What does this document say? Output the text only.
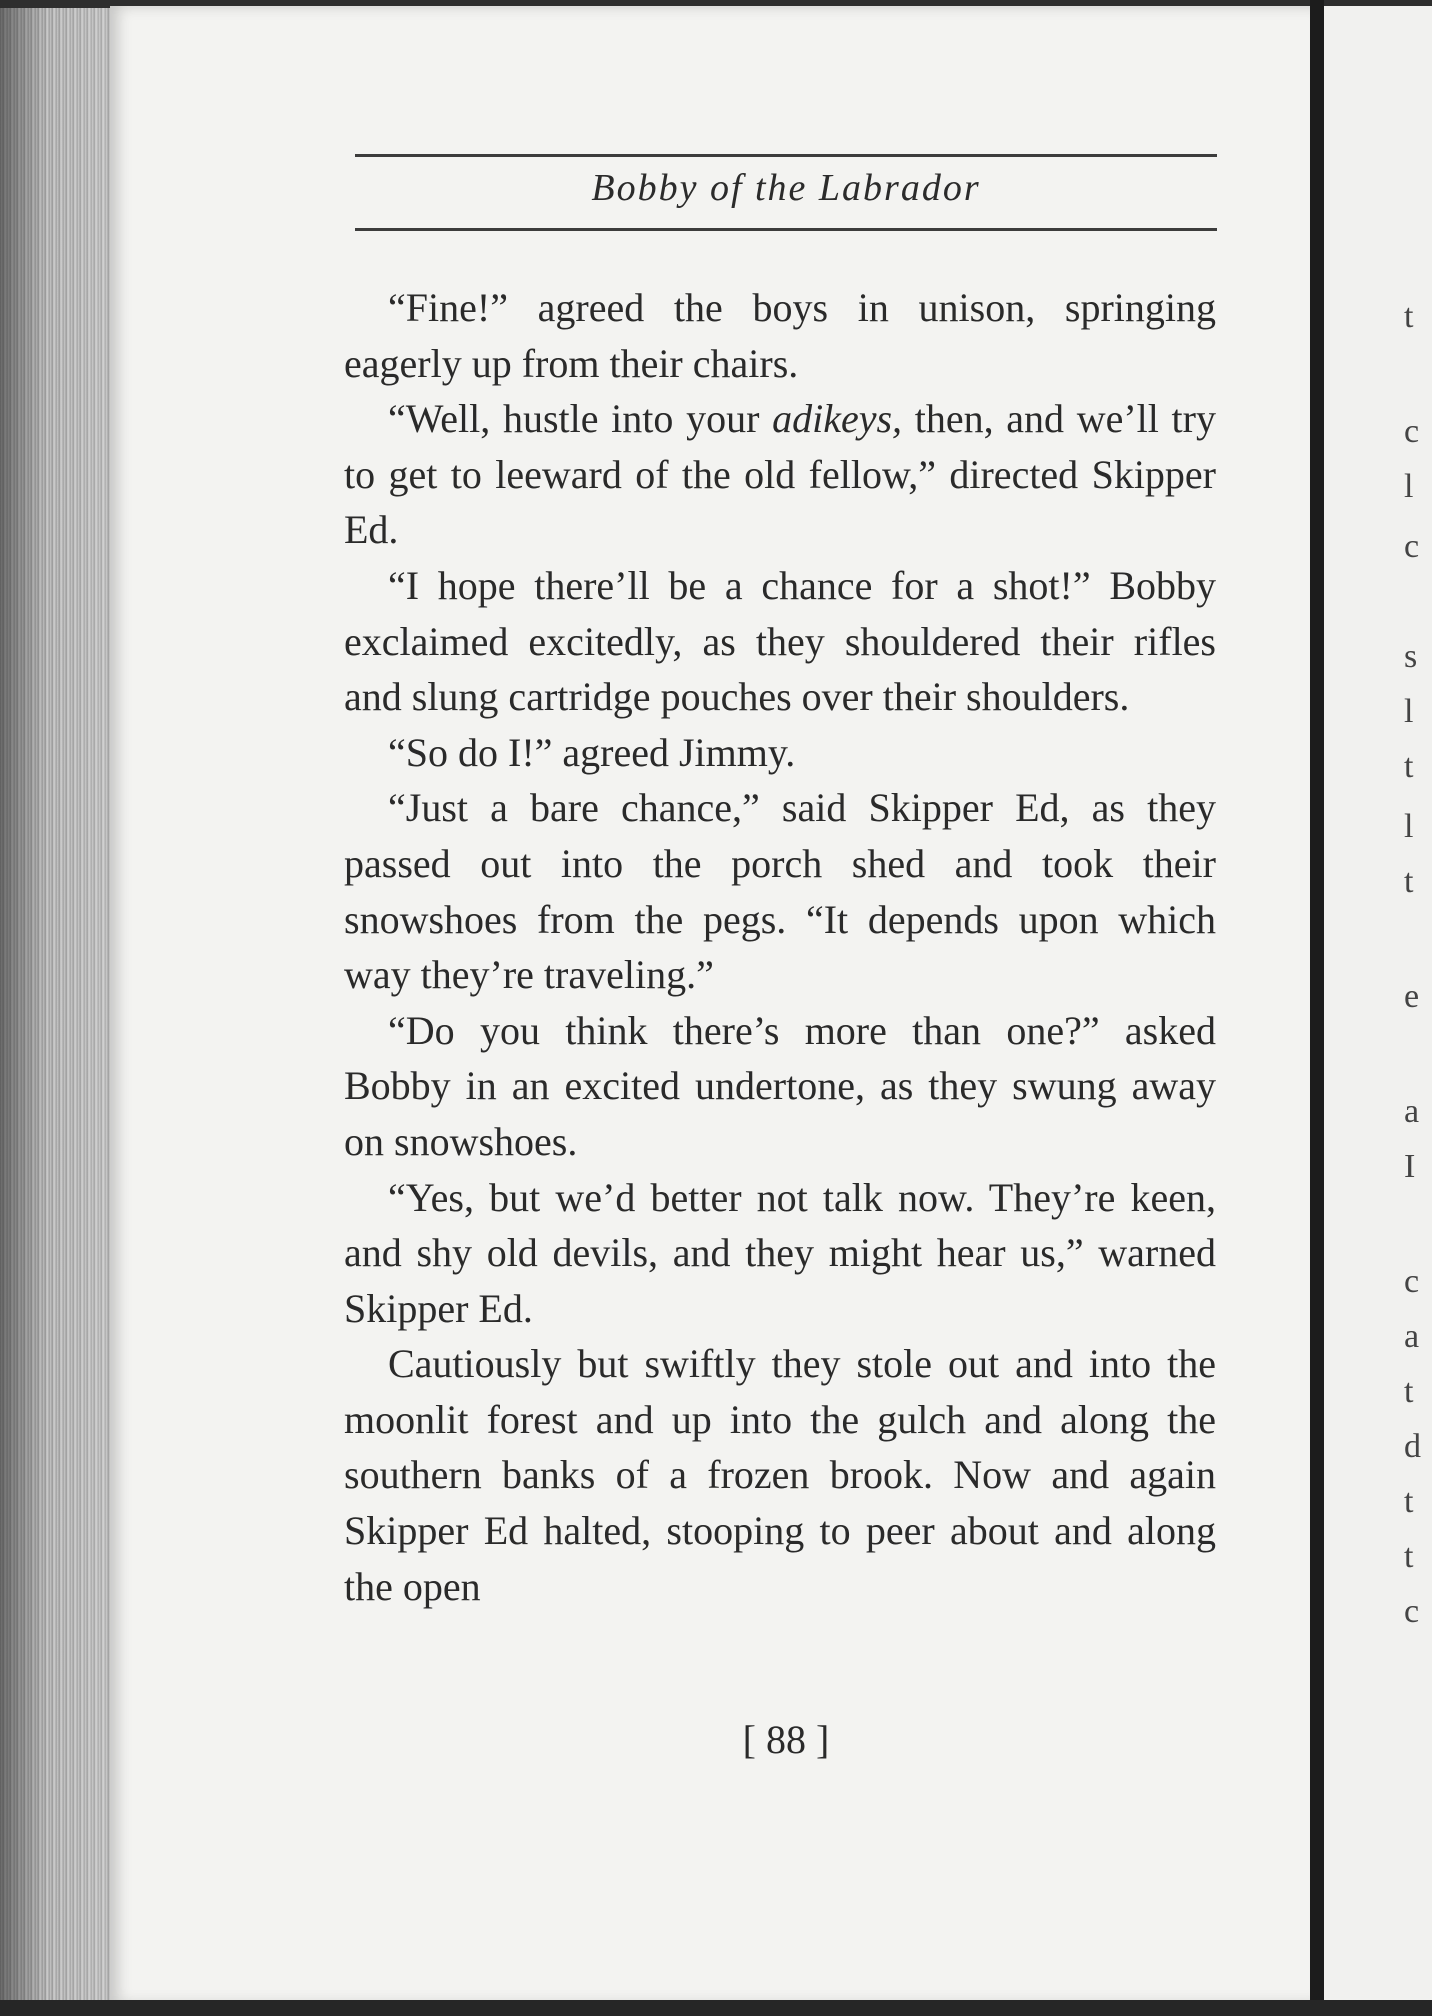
t
c
l
c
s
l
t
l
t
e
a
I
c
a
t
d
t
t
c
Bobby of the Labrador

“Fine!” agreed the boys in unison, springing eagerly up from their chairs.

“Well, hustle into your adikeys, then, and we’ll try to get to leeward of the old fellow,” directed Skipper Ed.

“I hope there’ll be a chance for a shot!” Bobby exclaimed excitedly, as they shouldered their rifles and slung cartridge pouches over their shoulders.

“So do I!” agreed Jimmy.

“Just a bare chance,” said Skipper Ed, as they passed out into the porch shed and took their snowshoes from the pegs. “It depends upon which way they’re traveling.”

“Do you think there’s more than one?” asked Bobby in an excited undertone, as they swung away on snowshoes.

“Yes, but we’d better not talk now. They’re keen, and shy old devils, and they might hear us,” warned Skipper Ed.

Cautiously but swiftly they stole out and into the moonlit forest and up into the gulch and along the southern banks of a frozen brook. Now and again Skipper Ed halted, stooping to peer about and along the open

[ 88 ]
